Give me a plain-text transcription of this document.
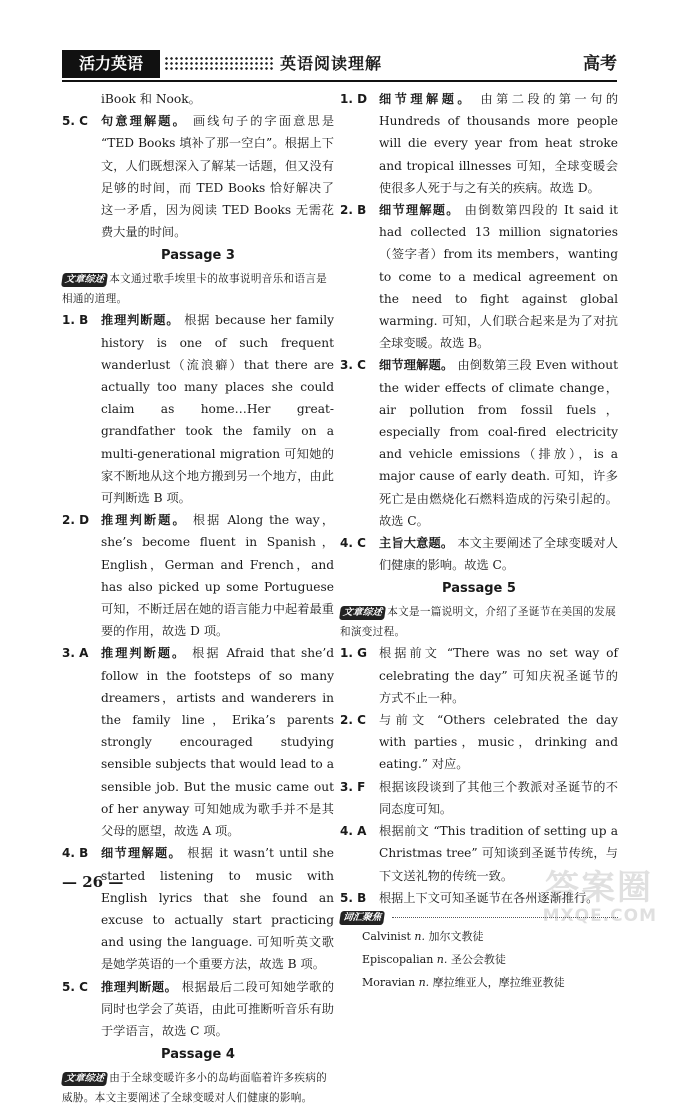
活力英语	英语阅读理解	高考
iBook 和 Nook。
5. C 句意理解题。 画线句子的字面意思是 “TED Books 填补了那一空白”。根据上下文，人们既想深入了解某一话题，但又没有足够的时间，而 TED Books 恰好解决了这一矛盾，因为阅读 TED Books 无需花费大量的时间。
Passage 3
文章综述 本文通过歌手埃里卡的故事说明音乐和语言是相通的道理。
1. B 推理判断题。 根据 because her family history is one of such frequent wanderlust（流浪癖）that there are actually too many places she could claim as home…Her great-grandfather took the family on a multi-generational migration 可知她的家不断地从这个地方搬到另一个地方，由此可判断选 B 项。
2. D 推理判断题。 根据 Along the way，she’s become fluent in Spanish，English，German and French，and has also picked up some Portuguese 可知，不断迁居在她的语言能力中起着最重要的作用，故选 D 项。
3. A 推理判断题。 根据 Afraid that she’d follow in the footsteps of so many dreamers，artists and wanderers in the family line，Erika’s parents strongly encouraged studying sensible subjects that would lead to a sensible job. But the music came out of her anyway 可知她成为歌手并不是其父母的愿望，故选 A 项。
4. B 细节理解题。 根据 it wasn’t until she started listening to music with English lyrics that she found an excuse to actually start practicing and using the language. 可知听英文歌是她学英语的一个重要方法，故选 B 项。
5. C 推理判断题。 根据最后二段可知她学歌的同时也学会了英语，由此可推断听音乐有助于学语言，故选 C 项。
Passage 4
文章综述 由于全球变暖许多小的岛屿面临着许多疾病的威胁。本文主要阐述了全球变暖对人们健康的影响。
1. D 细节理解题。 由第二段的第一句的 Hundreds of thousands more people will die every year from heat stroke and tropical illnesses 可知，全球变暖会使很多人死于与之有关的疾病。故选 D。
2. B 细节理解题。 由倒数第四段的 It said it had collected 13 million signatories（签字者）from its members，wanting to come to a medical agreement on the need to fight against global warming. 可知，人们联合起来是为了对抗全球变暖。故选 B。
3. C 细节理解题。 由倒数第三段 Even without the wider effects of climate change，air pollution from fossil fuels，especially from coal-fired electricity and vehicle emissions（排放），is a major cause of early death. 可知，许多死亡是由燃烧化石燃料造成的污染引起的。故选 C。
4. C 主旨大意题。 本文主要阐述了全球变暖对人们健康的影响。故选 C。
Passage 5
文章综述 本文是一篇说明文，介绍了圣诞节在美国的发展和演变过程。
1. G 根据前文 “There was no set way of celebrating the day” 可知庆祝圣诞节的方式不止一种。
2. C 与前文 “Others celebrated the day with parties，music，drinking and eating.” 对应。
3. F 根据该段谈到了其他三个教派对圣诞节的不同态度可知。
4. A 根据前文 “This tradition of setting up a Christmas tree” 可知谈到圣诞节传统，与下文送礼物的传统一致。
5. B 根据上下文可知圣诞节在各州逐渐推行。
词汇聚焦
Calvinist n. 加尔文教徒
Episcopalian n. 圣公会教徒
Moravian n. 摩拉维亚人，摩拉维亚教徒
— 26 —	答案圈
MXQE.COM
